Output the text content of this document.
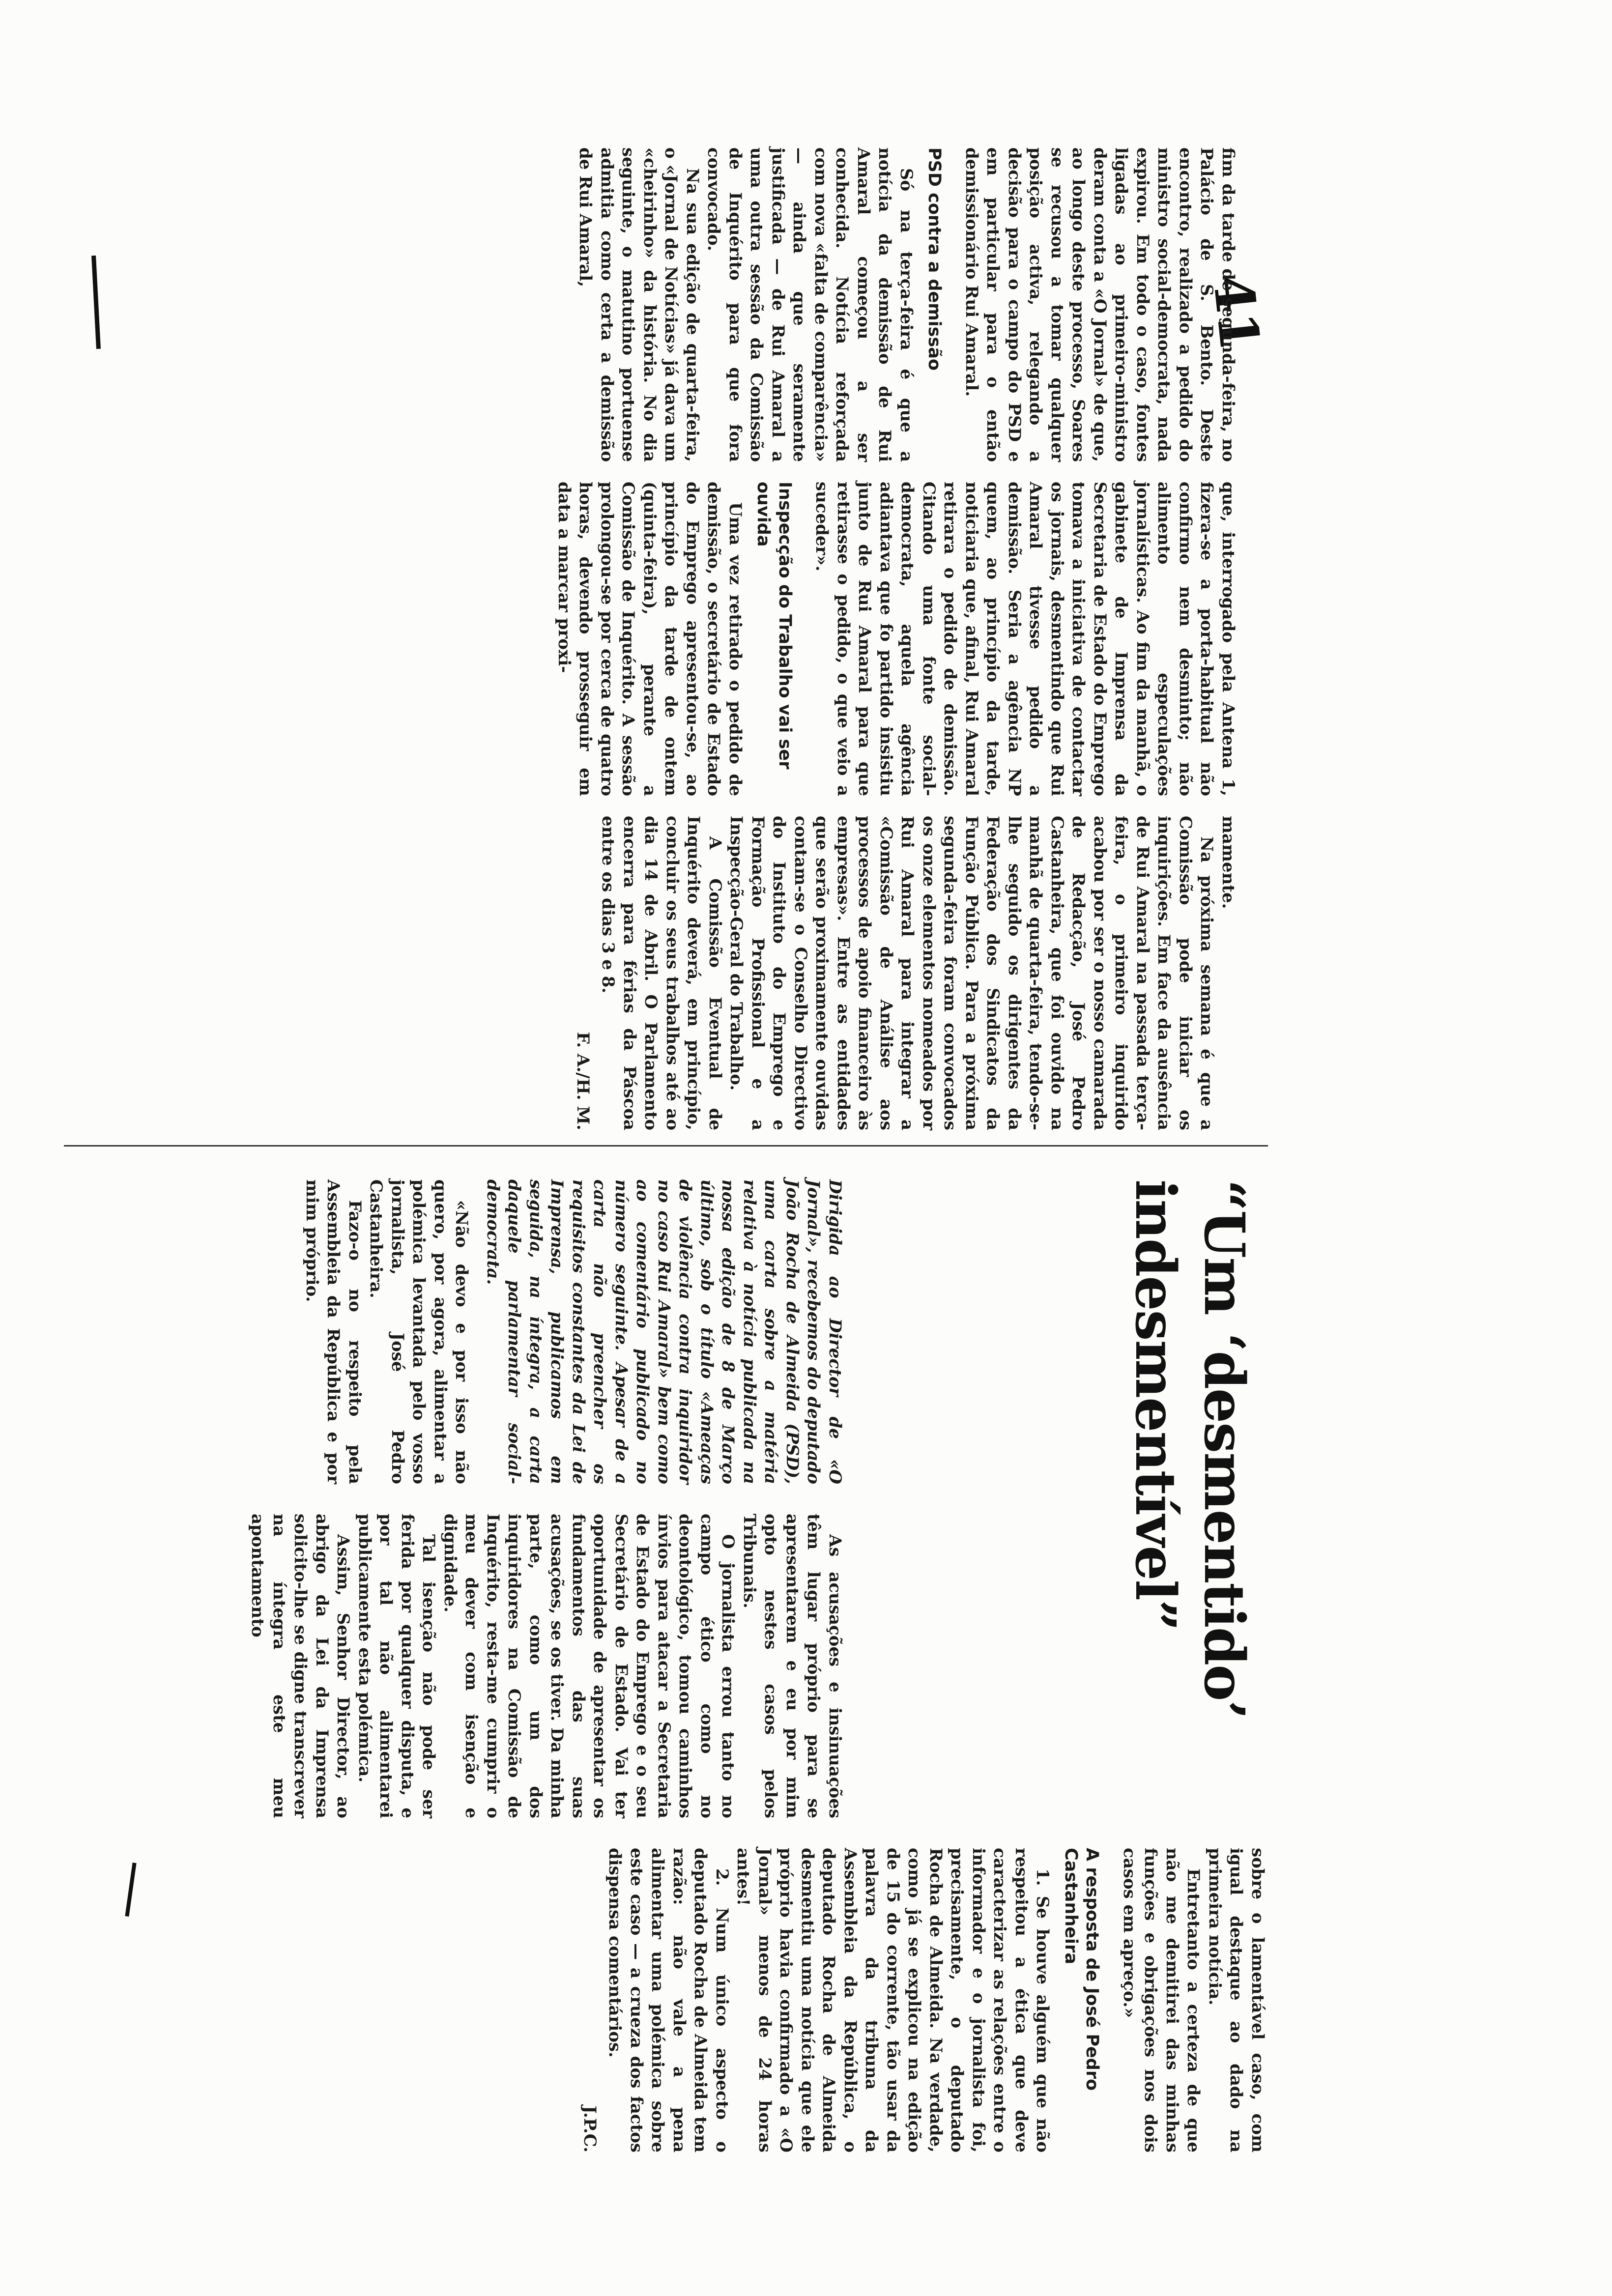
41

fim da tarde de segunda-feira, no Palácio de S. Bento. Deste encontro, realizado a pedido do ministro social-democrata, nada expirou. Em todo o caso, fontes ligadas ao primeiro-ministro deram conta a «O Jornal» de que, ao longo deste processo, Soares se recusou a tomar qualquer posição activa, relegando a decisão para o campo do PSD e em particular para o então demissionário Rui Amaral.

PSD contra a demissão

Só na terça-feira é que a notícia da demissão de Rui Amaral começou a ser conhecida. Notícia reforçada com nova «falta de comparência» — ainda que seramente justificada — de Rui Amaral a uma outra sessão da Comissão de Inquérito para que fora convocado.

Na sua edição de quarta-feira, o «Jornal de Notícias» já dava um «cheirinho» da história. No dia seguinte, o matutino portuense admitia como certa a demissão de Rui Amaral,

que, interrogado pela Antena 1, fizera-se a porta-habitual não confirmo nem desminto; não alimento especulações jornalísticas. Ao fim da manhã, o gabinete de Imprensa da Secretaria de Estado do Emprego tomava a iniciativa de contactar os jornais, desmentindo que Rui Amaral tivesse pedido a demissão. Seria a agência NP quem, ao princípio da tarde, noticiaria que, afinal, Rui Amaral retirara o pedido de demissão. Citando uma fonte social-democrata, aquela agência adiantava que fo partido insistiu junto de Rui Amaral para que retirasse o pedido, o que veio a suceder».

Inspecção do Trabalho vai ser ouvida

Uma vez retirado o pedido de demissão, o secretário de Estado do Emprego apresentou-se, ao princípio da tarde de ontem (quinta-feira), perante a Comissão de Inquérito. A sessão prolongou-se por cerca de quatro horas, devendo prosseguir em data a marcar proxi-

mamente.

Na próxima semana é que a Comissão pode iniciar os inquirições. Em face da ausência de Rui Amaral na passada terça-feira, o primeiro inquirido acabou por ser o nosso camarada de Redacção, José Pedro Castanheira, que foi ouvido na manhã de quarta-feira, tendo-se-lhe seguido os dirigentes da Federação dos Sindicatos da Função Pública. Para a próxima segunda-feira foram convocados os onze elementos nomeados por Rui Amaral para integrar a «Comissão de Análise aos processos de apoio financeiro às empresas». Entre as entidades que serão proximamente ouvidas contam-se o Conselho Directivo do Instituto do Emprego e Formação Profissional e a Inspecção-Geral do Trabalho.

A Comissão Eventual de Inquérito deverá, em princípio, concluir os seus trabalhos até ao dia 14 de Abril. O Parlamento encerra para férias da Páscoa entre os dias 3 e 8.

F. A./H. M.

Dirigida ao Director de «O Jornal», recebemos do deputado João Rocha de Almeida (PSD), uma carta sobre a matéria relativa à notícia publicada na nossa edição de 8 de Março último, sob o título «Ameaças de violência contra inquiridor no caso Rui Amaral» bem como ao comentário publicado no número seguinte. Apesar de a carta não preencher os requisitos constantes da Lei de Imprensa, publicamos em seguida, na íntegra, a carta daquele parlamentar social-democrata.

«Não devo e por isso não quero, por agora, alimentar a polémica levantada pelo vosso jornalista, José Pedro Castanheira.

Fazo-o no respeito pela Assembleia da República e por mim próprio.

As acusações e insinuações têm lugar próprio para se apresentarem e eu por mim opto nestes casos pelos Tribunais.

O jornalista errou tanto no campo ético como no deontológico, tomou caminhos ínvios para atacar a Secretaria de Estado do Emprego e o seu Secretário de Estado. Vai ter oportunidade de apresentar os fundamentos das suas acusações, se os tiver. Da minha parte, como um dos inquiridores na Comissão de Inquérito, resta-me cumprir o meu dever com isenção e dignidade.

Tal isenção não pode ser ferida por qualquer disputa, e por tal não alimentarei publicamente esta polémica.

Assim, Senhor Director, ao abrigo da Lei da Imprensa solicito-lhe se digne transcrever na íntegra este meu apontamento

sobre o lamentável caso, com igual destaque ao dado na primeira notícia.

Entretanto a certeza de que não me demitirei das minhas funções e obrigações nos dois casos em apreço.»

A resposta de José Pedro Castanheira

1. Se houve alguém que não respeitou a ética que deve caracterizar as relações entre o informador e o jornalista foi, precisamente, o deputado Rocha de Almeida. Na verdade, como já se explicou na edição de 15 do corrente, tão usar da palavra da tribuna da Assembleia da República, o deputado Rocha de Almeida desmentiu uma notícia que ele próprio havia confirmado a «O Jornal» menos de 24 horas antes!

2. Num único aspecto o deputado Rocha de Almeida tem razão: não vale a pena alimentar uma polémica sobre este caso — a crueza dos factos dispensa comentários.

J.P.C.
“Um ‘desmentido’ indesmentível”
